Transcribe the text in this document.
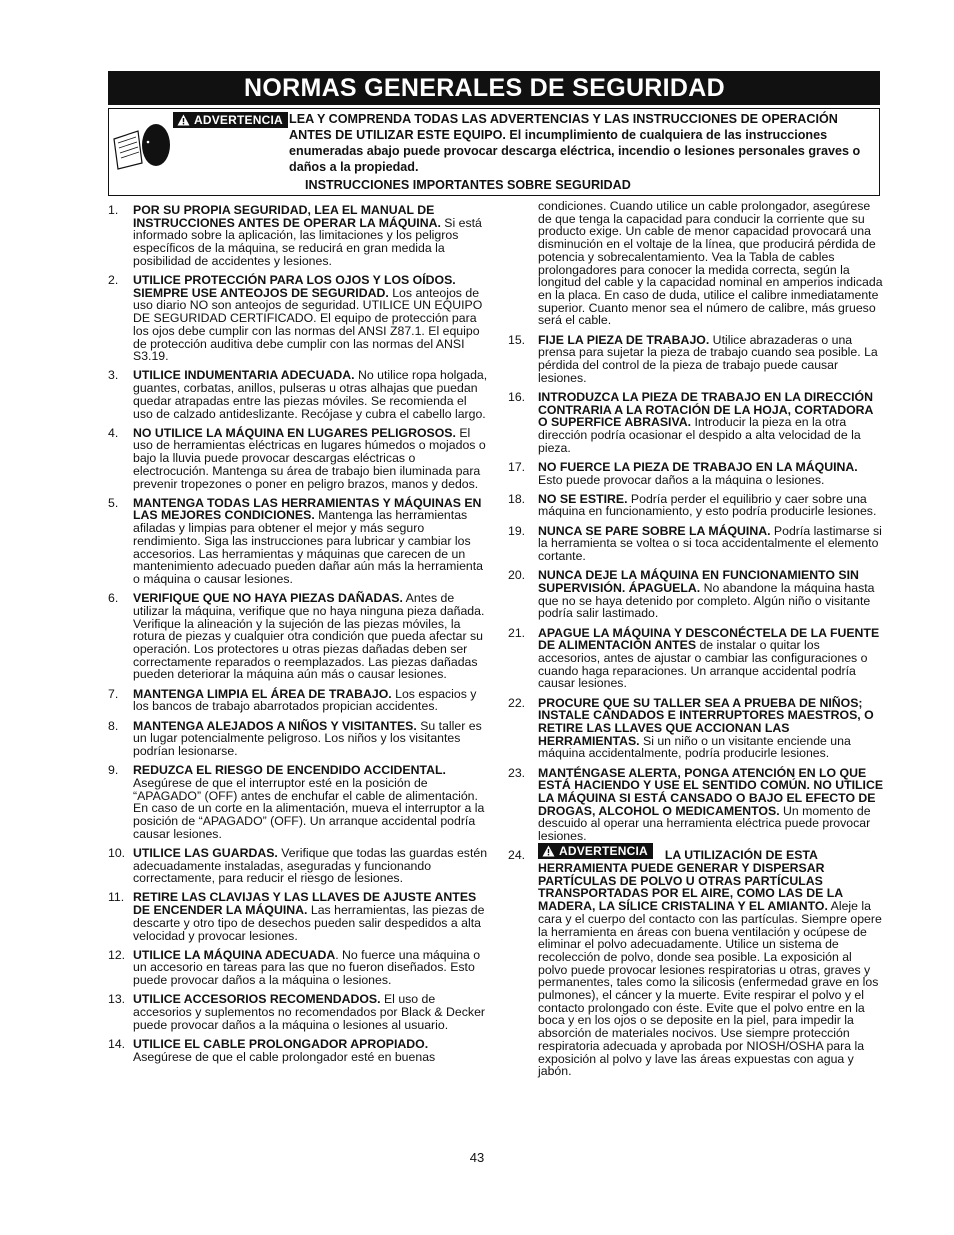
NORMAS GENERALES DE SEGURIDAD
ADVERTENCIA LEA Y COMPRENDA TODAS LAS ADVERTENCIAS Y LAS INSTRUCCIONES DE OPERACIÓN ANTES DE UTILIZAR ESTE EQUIPO. El incumplimiento de cualquiera de las instrucciones enumeradas abajo puede provocar descarga eléctrica, incendio o lesiones personales graves o daños a la propiedad.
INSTRUCCIONES IMPORTANTES SOBRE SEGURIDAD
1. POR SU PROPIA SEGURIDAD, LEA EL MANUAL DE INSTRUCCIONES ANTES DE OPERAR LA MÁQUINA. Si está informado sobre la aplicación, las limitaciones y los peligros específicos de la máquina, se reducirá en gran medida la posibilidad de accidentes y lesiones.
2. UTILICE PROTECCIÓN PARA LOS OJOS Y LOS OÍDOS. SIEMPRE USE ANTEOJOS DE SEGURIDAD. Los anteojos de uso diario NO son anteojos de seguridad. UTILICE UN EQUIPO DE SEGURIDAD CERTIFICADO. El equipo de protección para los ojos debe cumplir con las normas del ANSI Z87.1. El equipo de protección auditiva debe cumplir con las normas del ANSI S3.19.
3. UTILICE INDUMENTARIA ADECUADA. No utilice ropa holgada, guantes, corbatas, anillos, pulseras u otras alhajas que puedan quedar atrapadas entre las piezas móviles. Se recomienda el uso de calzado antideslizante. Recójase y cubra el cabello largo.
4. NO UTILICE LA MÁQUINA EN LUGARES PELIGROSOS. El uso de herramientas eléctricas en lugares húmedos o mojados o bajo la lluvia puede provocar descargas eléctricas o electrocución. Mantenga su área de trabajo bien iluminada para prevenir tropezones o poner en peligro brazos, manos y dedos.
5. MANTENGA TODAS LAS HERRAMIENTAS Y MÁQUINAS EN LAS MEJORES CONDICIONES. Mantenga las herramientas afiladas y limpias para obtener el mejor y más seguro rendimiento. Siga las instrucciones para lubricar y cambiar los accesorios. Las herramientas y máquinas que carecen de un mantenimiento adecuado pueden dañar aún más la herramienta o máquina o causar lesiones.
6. VERIFIQUE QUE NO HAYA PIEZAS DAÑADAS. Antes de utilizar la máquina, verifique que no haya ninguna pieza dañada. Verifique la alineación y la sujeción de las piezas móviles, la rotura de piezas y cualquier otra condición que pueda afectar su operación. Los protectores u otras piezas dañadas deben ser correctamente reparados o reemplazados. Las piezas dañadas pueden deteriorar la máquina aún más o causar lesiones.
7. MANTENGA LIMPIA EL ÁREA DE TRABAJO. Los espacios y los bancos de trabajo abarrotados propician accidentes.
8. MANTENGA ALEJADOS A NIÑOS Y VISITANTES. Su taller es un lugar potencialmente peligroso. Los niños y los visitantes podrían lesionarse.
9. REDUZCA EL RIESGO DE ENCENDIDO ACCIDENTAL. Asegúrese de que el interruptor esté en la posición de “APAGADO” (OFF) antes de enchufar el cable de alimentación. En caso de un corte en la alimentación, mueva el interruptor a la posición de “APAGADO” (OFF). Un arranque accidental podría causar lesiones.
10. UTILICE LAS GUARDAS. Verifique que todas las guardas estén adecuadamente instaladas, aseguradas y funcionando correctamente, para reducir el riesgo de lesiones.
11. RETIRE LAS CLAVIJAS Y LAS LLAVES DE AJUSTE ANTES DE ENCENDER LA MÁQUINA. Las herramientas, las piezas de descarte y otro tipo de desechos pueden salir despedidos a alta velocidad y provocar lesiones.
12. UTILICE LA MÁQUINA ADECUADA. No fuerce una máquina o un accesorio en tareas para las que no fueron diseñados. Esto puede provocar daños a la máquina o lesiones.
13. UTILICE ACCESORIOS RECOMENDADOS. El uso de accesorios y suplementos no recomendados por Black & Decker puede provocar daños a la máquina o lesiones al usuario.
14. UTILICE EL CABLE PROLONGADOR APROPIADO. Asegúrese de que el cable prolongador esté en buenas
condiciones. Cuando utilice un cable prolongador, asegúrese de que tenga la capacidad para conducir la corriente que su producto exige. Un cable de menor capacidad provocará una disminución en el voltaje de la línea, que producirá pérdida de potencia y sobrecalentamiento. Vea la Tabla de cables prolongadores para conocer la medida correcta, según la longitud del cable y la capacidad nominal en amperios indicada en la placa. En caso de duda, utilice el calibre inmediatamente superior. Cuanto menor sea el número de calibre, más grueso será el cable.
15. FIJE LA PIEZA DE TRABAJO. Utilice abrazaderas o una prensa para sujetar la pieza de trabajo cuando sea posible. La pérdida del control de la pieza de trabajo puede causar lesiones.
16. INTRODUZCA LA PIEZA DE TRABAJO EN LA DIRECCIÓN CONTRARIA A LA ROTACIÓN DE LA HOJA, CORTADORA O SUPERFICE ABRASIVA. Introducir la pieza en la otra dirección podría ocasionar el despido a alta velocidad de la pieza.
17. NO FUERCE LA PIEZA DE TRABAJO EN LA MÁQUINA. Esto puede provocar daños a la máquina o lesiones.
18. NO SE ESTIRE. Podría perder el equilibrio y caer sobre una máquina en funcionamiento, y esto podría producirle lesiones.
19. NUNCA SE PARE SOBRE LA MÁQUINA. Podría lastimarse si la herramienta se voltea o si toca accidentalmente el elemento cortante.
20. NUNCA DEJE LA MÁQUINA EN FUNCIONAMIENTO SIN SUPERVISIÓN. ÁPAGUELA. No abandone la máquina hasta que no se haya detenido por completo. Algún niño o visitante podría salir lastimado.
21. APAGUE LA MÁQUINA Y DESCONÉCTELA DE LA FUENTE DE ALIMENTACIÓN ANTES de instalar o quitar los accesorios, antes de ajustar o cambiar las configuraciones o cuando haga reparaciones. Un arranque accidental podría causar lesiones.
22. PROCURE QUE SU TALLER SEA A PRUEBA DE NIÑOS; INSTALE CANDADOS E INTERRUPTORES MAESTROS, O RETIRE LAS LLAVES QUE ACCIONAN LAS HERRAMIENTAS. Si un niño o un visitante enciende una máquina accidentalmente, podría producirle lesiones.
23. MANTÉNGASE ALERTA, PONGA ATENCIÓN EN LO QUE ESTÁ HACIENDO Y USE EL SENTIDO COMÚN. NO UTILICE LA MÁQUINA SI ESTÁ CANSADO O BAJO EL EFECTO DE DROGAS, ALCOHOL O MEDICAMENTOS. Un momento de descuido al operar una herramienta eléctrica puede provocar lesiones.
24.	ADVERTENCIA LA UTILIZACIÓN DE ESTA
HERRAMIENTA PUEDE GENERAR Y DISPERSAR PARTÍCULAS DE POLVO U OTRAS PARTÍCULAS TRANSPORTADAS POR EL AIRE, COMO LAS DE LA MADERA, LA SÍLICE CRISTALINA Y EL AMIANTO. Aleje la cara y el cuerpo del contacto con las partículas. Siempre opere la herramienta en áreas con buena ventilación y ocúpese de eliminar el polvo adecuadamente. Utilice un sistema de recolección de polvo, donde sea posible. La exposición al polvo puede provocar lesiones respiratorias u otras, graves y permanentes, tales como la silicosis (enfermedad grave en los pulmones), el cáncer y la muerte. Evite respirar el polvo y el contacto prolongado con éste. Evite que el polvo entre en la boca y en los ojos o se deposite en la piel, para impedir la absorción de materiales nocivos. Use siempre protección respiratoria adecuada y aprobada por NIOSH/OSHA para la exposición al polvo y lave las áreas expuestas con agua y jabón.
43
